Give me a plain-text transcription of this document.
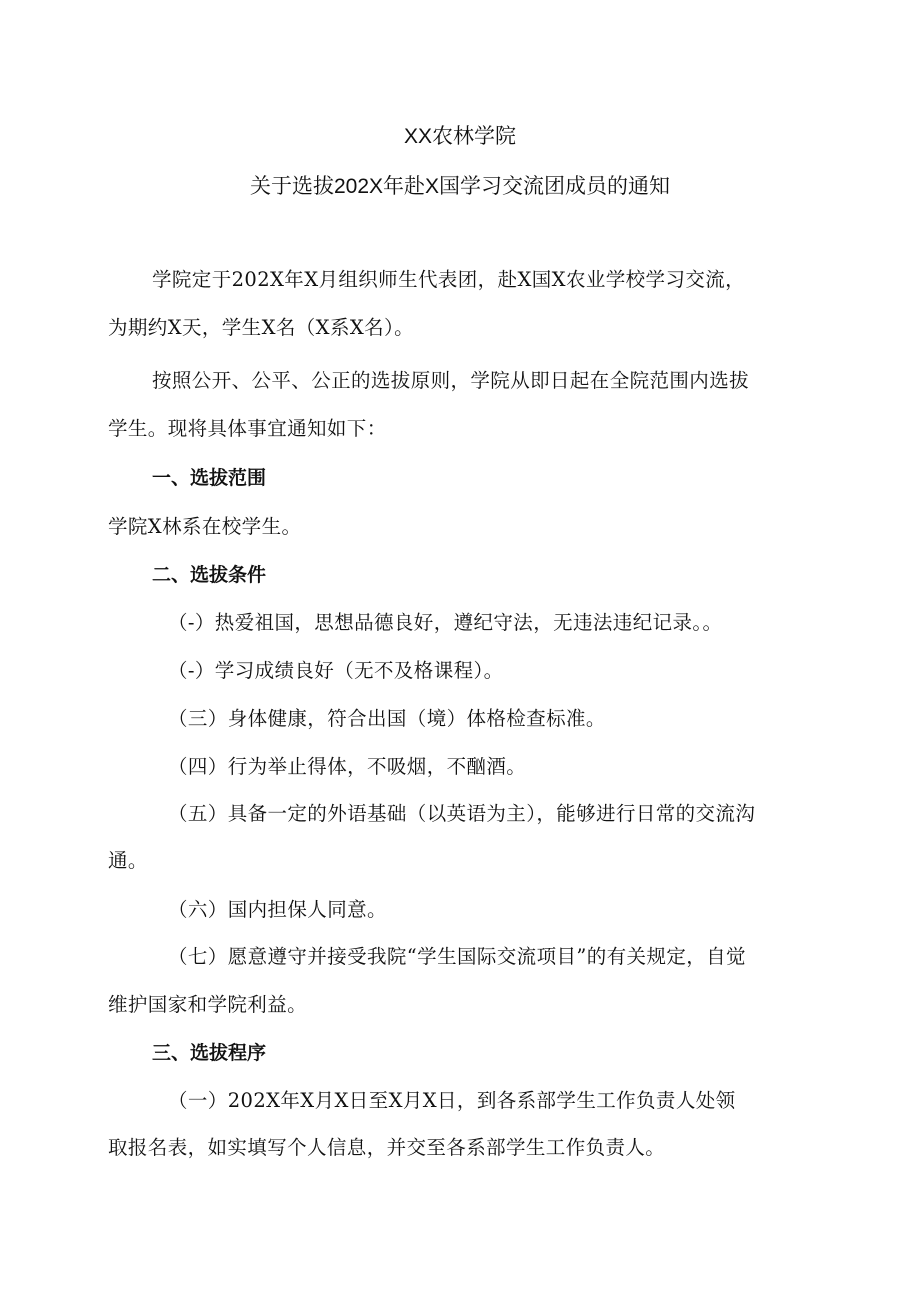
XX农林学院
关于选拔202X年赴X国学习交流团成员的通知
学院定于202X年X月组织师生代表团，赴X国X农业学校学习交流，
为期约X天，学生X名（X系X名）。
按照公开、公平、公正的选拔原则，学院从即日起在全院范围内选拔
学生。现将具体事宜通知如下：
一、选拔范围
学院X林系在校学生。
二、选拔条件
（-）热爱祖国，思想品德良好，遵纪守法，无违法违纪记录。。
（-）学习成绩良好（无不及格课程）。
（三）身体健康，符合出国（境）体格检查标准。
（四）行为举止得体，不吸烟，不酗酒。
（五）具备一定的外语基础（以英语为主），能够进行日常的交流沟
通。
（六）国内担保人同意。
（七）愿意遵守并接受我院“学生国际交流项目”的有关规定，自觉
维护国家和学院利益。
三、选拔程序
（一）202X年X月X日至X月X日，到各系部学生工作负责人处领
取报名表，如实填写个人信息，并交至各系部学生工作负责人。
